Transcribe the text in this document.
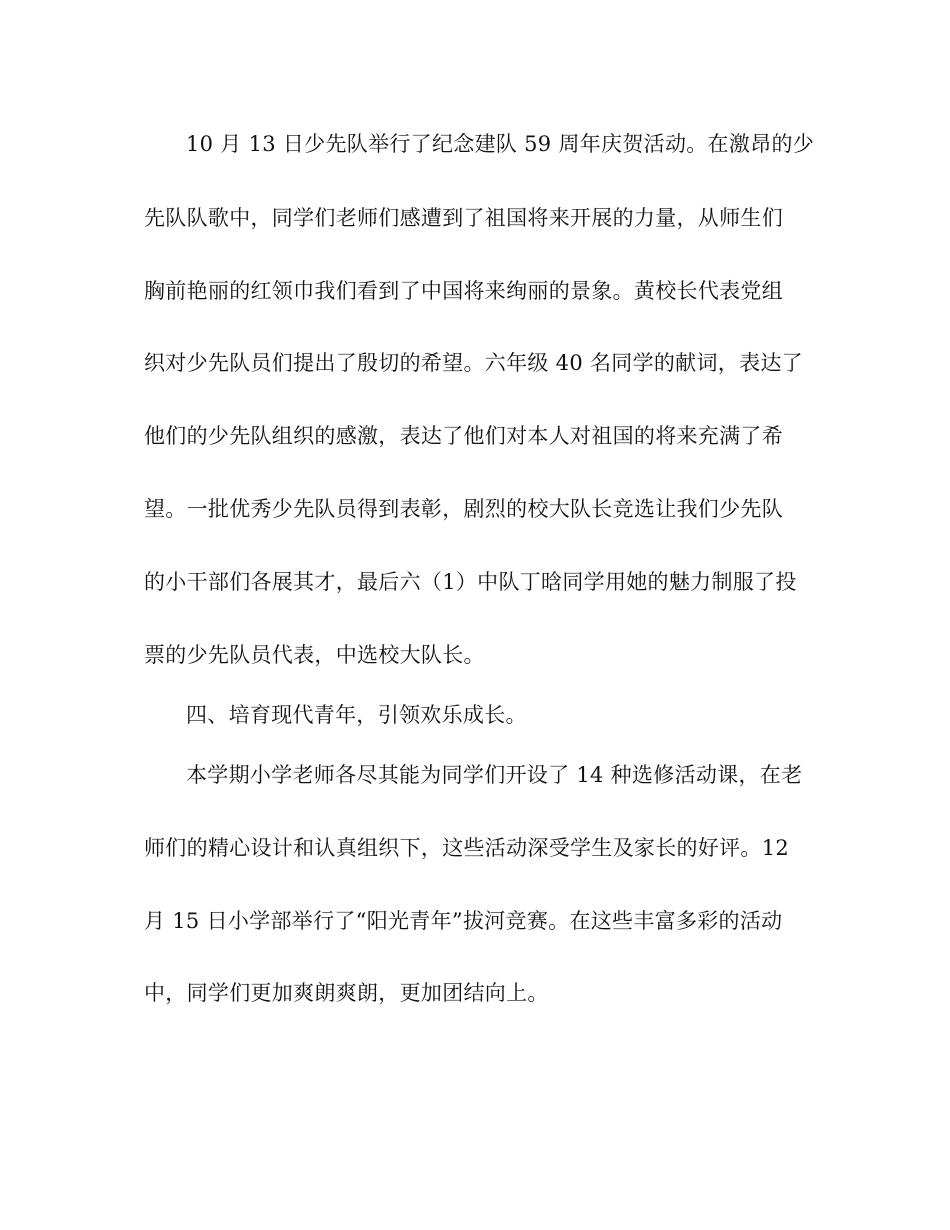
10 月 13 日少先队举行了纪念建队 59 周年庆贺活动。在激昂的少
先队队歌中，同学们老师们感遭到了祖国将来开展的力量，从师生们
胸前艳丽的红领巾我们看到了中国将来绚丽的景象。黄校长代表党组
织对少先队员们提出了殷切的希望。六年级 40 名同学的献词，表达了
他们的少先队组织的感激，表达了他们对本人对祖国的将来充满了希
望。一批优秀少先队员得到表彰，剧烈的校大队长竞选让我们少先队
的小干部们各展其才，最后六（1）中队丁晗同学用她的魅力制服了投
票的少先队员代表，中选校大队长。
四、培育现代青年，引领欢乐成长。
本学期小学老师各尽其能为同学们开设了 14 种选修活动课，在老
师们的精心设计和认真组织下，这些活动深受学生及家长的好评。12
月 15 日小学部举行了“阳光青年”拔河竞赛。在这些丰富多彩的活动
中，同学们更加爽朗爽朗，更加团结向上。
